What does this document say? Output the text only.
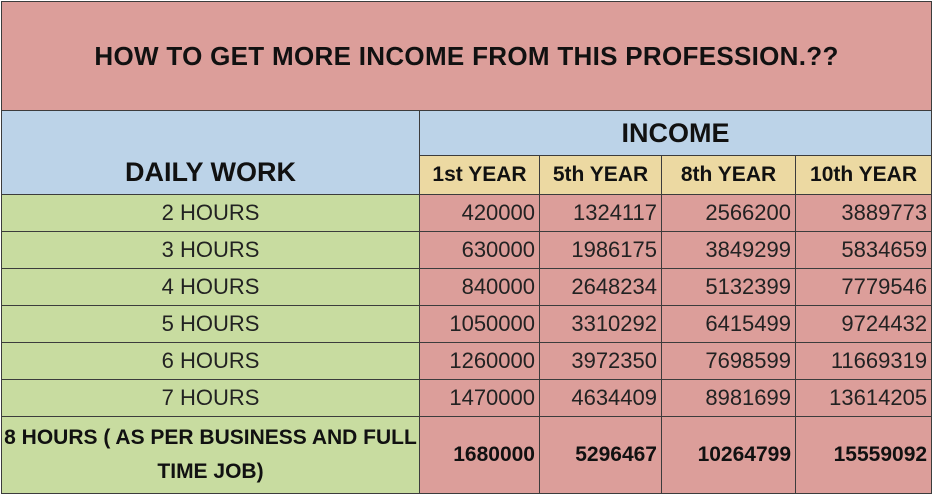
HOW TO GET MORE INCOME FROM THIS PROFESSION.??				
DAILY WORK	INCOME			
	1st YEAR	5th YEAR	8th YEAR	10th YEAR
2 HOURS	420000	1324117	2566200	3889773
3 HOURS	630000	1986175	3849299	5834659
4 HOURS	840000	2648234	5132399	7779546
5 HOURS	1050000	3310292	6415499	9724432
6 HOURS	1260000	3972350	7698599	11669319
7 HOURS	1470000	4634409	8981699	13614205
8 HOURS ( AS PER BUSINESS AND FULL TIME JOB)	1680000	5296467	10264799	15559092
